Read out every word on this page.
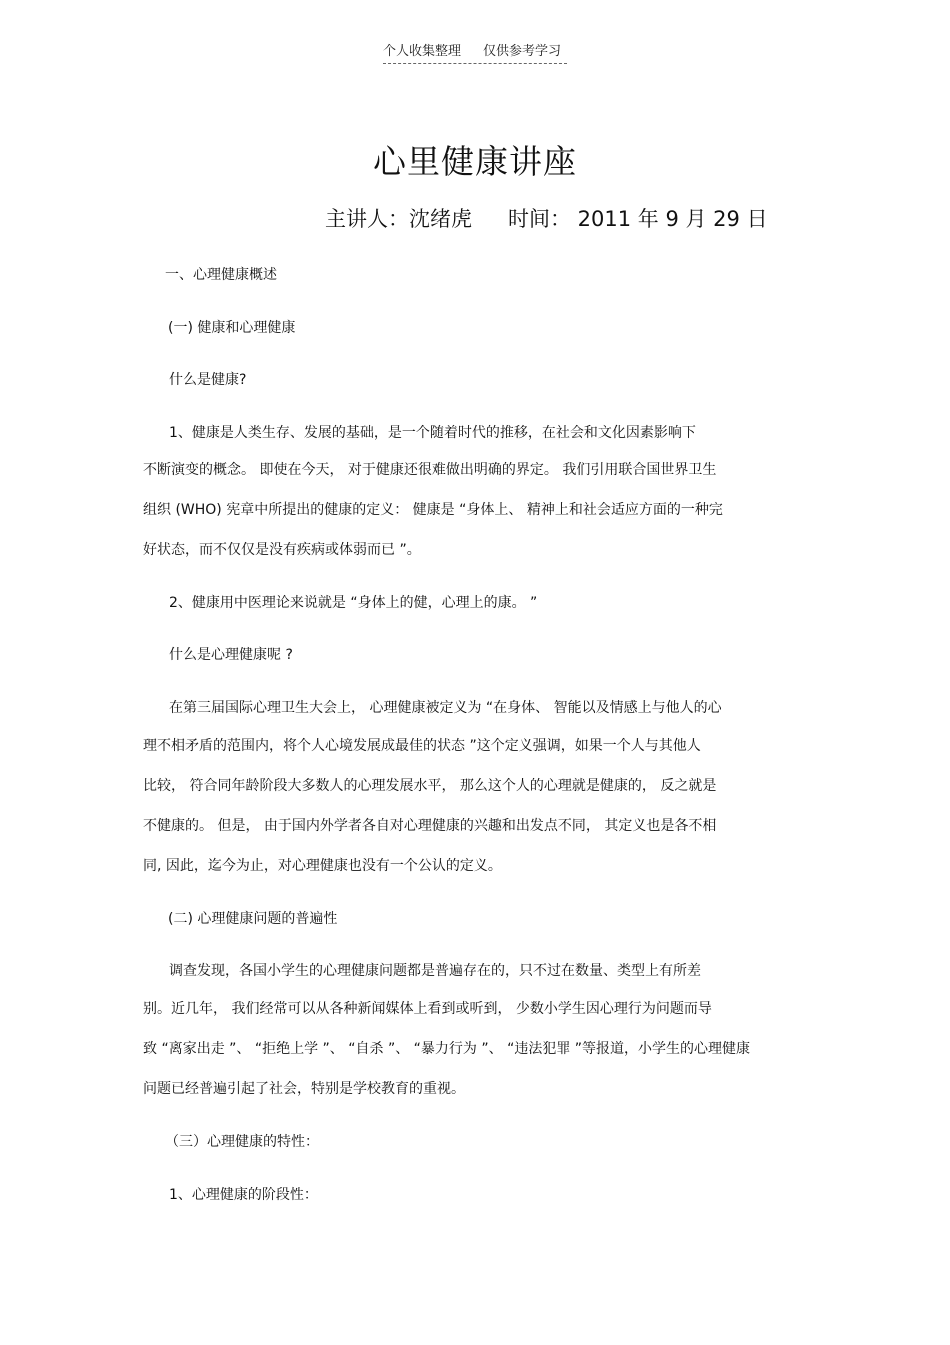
个人收集整理 仅供参考学习
心里健康讲座
主讲人：沈绪虎 时间： 2011 年 9 月 29 日
一、心理健康概述
(一) 健康和心理健康
什么是健康?
1、健康是人类生存、发展的基础，是一个随着时代的推移，在社会和文化因素影响下
不断演变的概念。 即使在今天， 对于健康还很难做出明确的界定。 我们引用联合国世界卫生
组织 (WHO) 宪章中所提出的健康的定义： 健康是 “身体上、 精神上和社会适应方面的一种完
好状态，而不仅仅是没有疾病或体弱而已 ”。
2、健康用中医理论来说就是 “身体上的健，心理上的康。 ”
什么是心理健康呢 ?
在第三届国际心理卫生大会上， 心理健康被定义为 “在身体、 智能以及情感上与他人的心
理不相矛盾的范围内，将个人心境发展成最佳的状态 ”这个定义强调，如果一个人与其他人
比较， 符合同年龄阶段大多数人的心理发展水平， 那么这个人的心理就是健康的， 反之就是
不健康的。 但是， 由于国内外学者各自对心理健康的兴趣和出发点不同， 其定义也是各不相
同, 因此，迄今为止，对心理健康也没有一个公认的定义。
(二) 心理健康问题的普遍性
调查发现，各国小学生的心理健康问题都是普遍存在的，只不过在数量、类型上有所差
别。近几年， 我们经常可以从各种新闻媒体上看到或听到， 少数小学生因心理行为问题而导
致 “离家出走 ”、 “拒绝上学 ”、 “自杀 ”、 “暴力行为 ”、 “违法犯罪 ”等报道，小学生的心理健康
问题已经普遍引起了社会，特别是学校教育的重视。
（三）心理健康的特性：
1、心理健康的阶段性：
